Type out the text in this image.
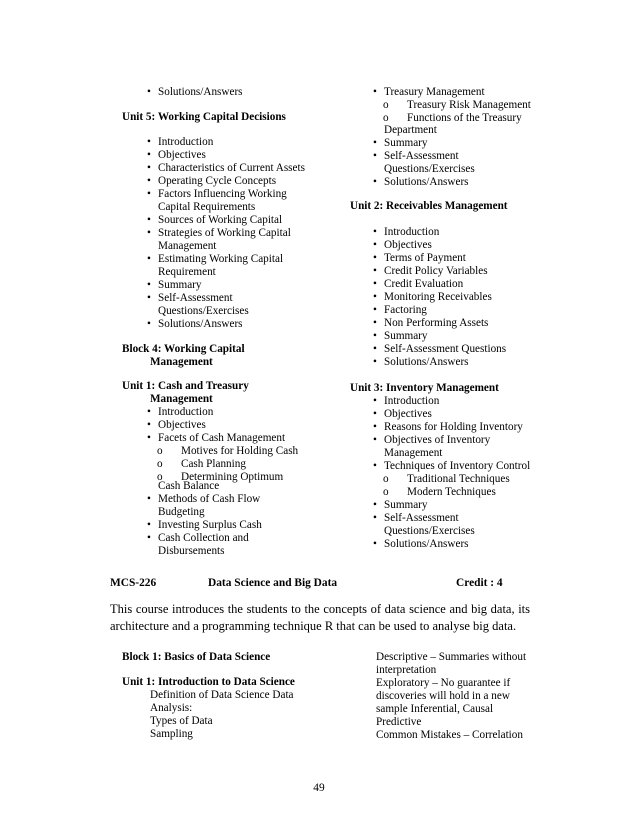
• Solutions/Answers
Unit 5: Working Capital Decisions
• Introduction
• Objectives
• Characteristics of Current Assets
• Operating Cycle Concepts
• Factors Influencing Working
Capital Requirements
• Sources of Working Capital
• Strategies of Working Capital
Management
• Estimating Working Capital
Requirement
• Summary
• Self-Assessment
Questions/Exercises
• Solutions/Answers
Block 4: Working Capital
Management
Unit 1: Cash and Treasury
Management
• Introduction
• Objectives
• Facets of Cash Management
o	Motives for Holding Cash
o	Cash Planning
o	Determining Optimum
Cash Balance
• Methods of Cash Flow
Budgeting
• Investing Surplus Cash
• Cash Collection and
Disbursements
• Treasury Management
o	Treasury Risk Management
o	Functions of the Treasury
Department
• Summary
• Self-Assessment
Questions/Exercises
• Solutions/Answers
Unit 2: Receivables Management
• Introduction
• Objectives
• Terms of Payment
• Credit Policy Variables
• Credit Evaluation
• Monitoring Receivables
• Factoring
• Non Performing Assets
• Summary
• Self-Assessment Questions
• Solutions/Answers
Unit 3: Inventory Management
• Introduction
• Objectives
• Reasons for Holding Inventory
• Objectives of Inventory
Management
• Techniques of Inventory Control
o	Traditional Techniques
o	Modern Techniques
• Summary
• Self-Assessment
Questions/Exercises
• Solutions/Answers
MCS-226	Data Science and Big Data	Credit : 4
This course introduces the students to the concepts of data science and big data, its architecture and a programming technique R that can be used to analyse big data.
Block 1: Basics of Data Science
Unit 1: Introduction to Data Science
Definition of Data Science Data
Analysis:
Types of Data
Sampling
Descriptive – Summaries without
interpretation
Exploratory – No guarantee if
discoveries will hold in a new
sample Inferential, Causal
Predictive
Common Mistakes – Correlation
49
